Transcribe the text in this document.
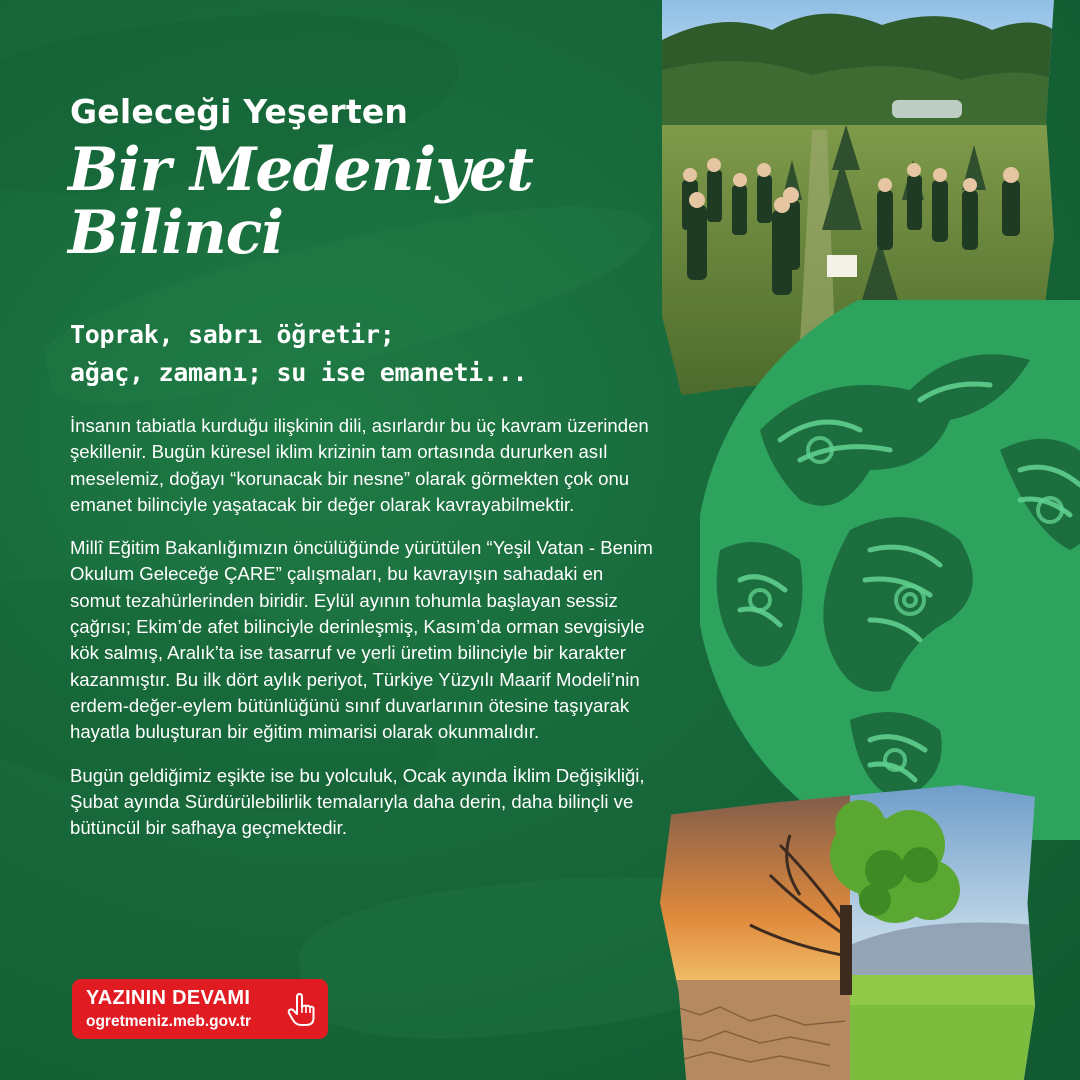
Geleceği Yeşerten
Bir Medeniyet Bilinci
Toprak, sabrı öğretir;
ağaç, zamanı; su ise emaneti...

İnsanın tabiatla kurduğu ilişkinin dili, asırlardır bu üç kavram üzerinden şekillenir. Bugün küresel iklim krizinin tam ortasında dururken asıl meselemiz, doğayı “korunacak bir nesne” olarak görmekten çok onu emanet bilinciyle yaşatacak bir değer olarak kavrayabilmektir.

Millî Eğitim Bakanlığımızın öncülüğünde yürütülen “Yeşil Vatan - Benim Okulum Geleceğe ÇARE” çalışmaları, bu kavrayışın sahadaki en somut tezahürlerinden biridir. Eylül ayının tohumla başlayan sessiz çağrısı; Ekim’de afet bilinciyle derinleşmiş, Kasım’da orman sevgisiyle kök salmış, Aralık’ta ise tasarruf ve yerli üretim bilinciyle bir karakter kazanmıştır. Bu ilk dört aylık periyot, Türkiye Yüzyılı Maarif Modeli’nin erdem-değer-eylem bütünlüğünü sınıf duvarlarının ötesine taşıyarak hayatla buluşturan bir eğitim mimarisi olarak okunmalıdır.

Bugün geldiğimiz eşikte ise bu yolculuk, Ocak ayında İklim Değişikliği, Şubat ayında Sürdürülebilirlik temalarıyla daha derin, daha bilinçli ve bütüncül bir safhaya geçmektedir.

YAZININ DEVAMI
ogretmeniz.meb.gov.tr
